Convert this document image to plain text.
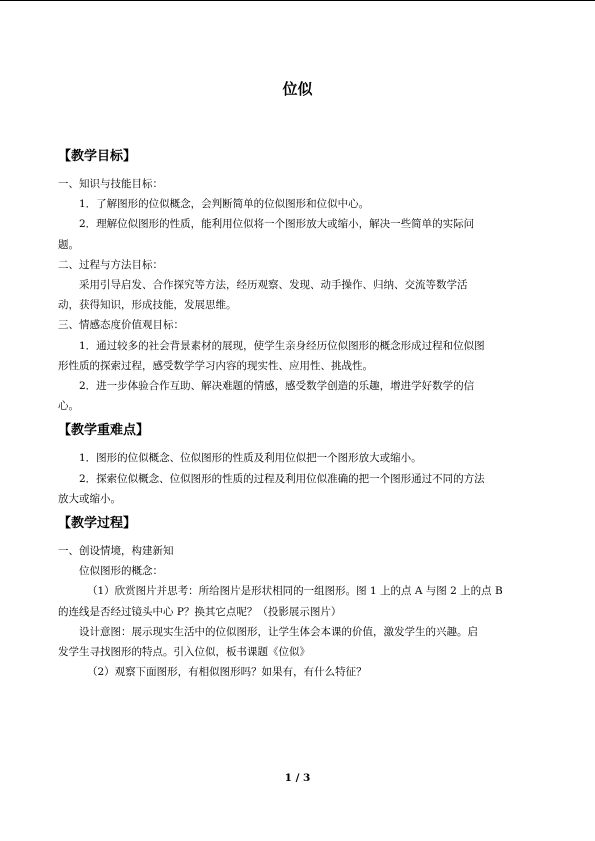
位似
【教学目标】
一、知识与技能目标：
1．了解图形的位似概念，会判断简单的位似图形和位似中心。
2．理解位似图形的性质，能利用位似将一个图形放大或缩小，解决一些简单的实际问
题。
二、过程与方法目标：
采用引导启发、合作探究等方法，经历观察、发现、动手操作、归纳、交流等数学活
动，获得知识，形成技能，发展思维。
三、情感态度价值观目标：
1．通过较多的社会背景素材的展现，使学生亲身经历位似图形的概念形成过程和位似图
形性质的探索过程，感受数学学习内容的现实性、应用性、挑战性。
2．进一步体验合作互助、解决难题的情感，感受数学创造的乐趣，增进学好数学的信
心。
【教学重难点】
1．图形的位似概念、位似图形的性质及利用位似把一个图形放大或缩小。
2．探索位似概念、位似图形的性质的过程及利用位似准确的把一个图形通过不同的方法
放大或缩小。
【教学过程】
一、创设情境，构建新知
位似图形的概念：
（1）欣赏图片并思考：所给图片是形状相同的一组图形。图 1 上的点 A 与图 2 上的点 B
的连线是否经过镜头中心 P？换其它点呢？（投影展示图片）
设计意图：展示现实生活中的位似图形，让学生体会本课的价值，激发学生的兴趣。启
发学生寻找图形的特点。引入位似，板书课题《位似》
（2）观察下面图形，有相似图形吗？如果有，有什么特征？
1 / 3
